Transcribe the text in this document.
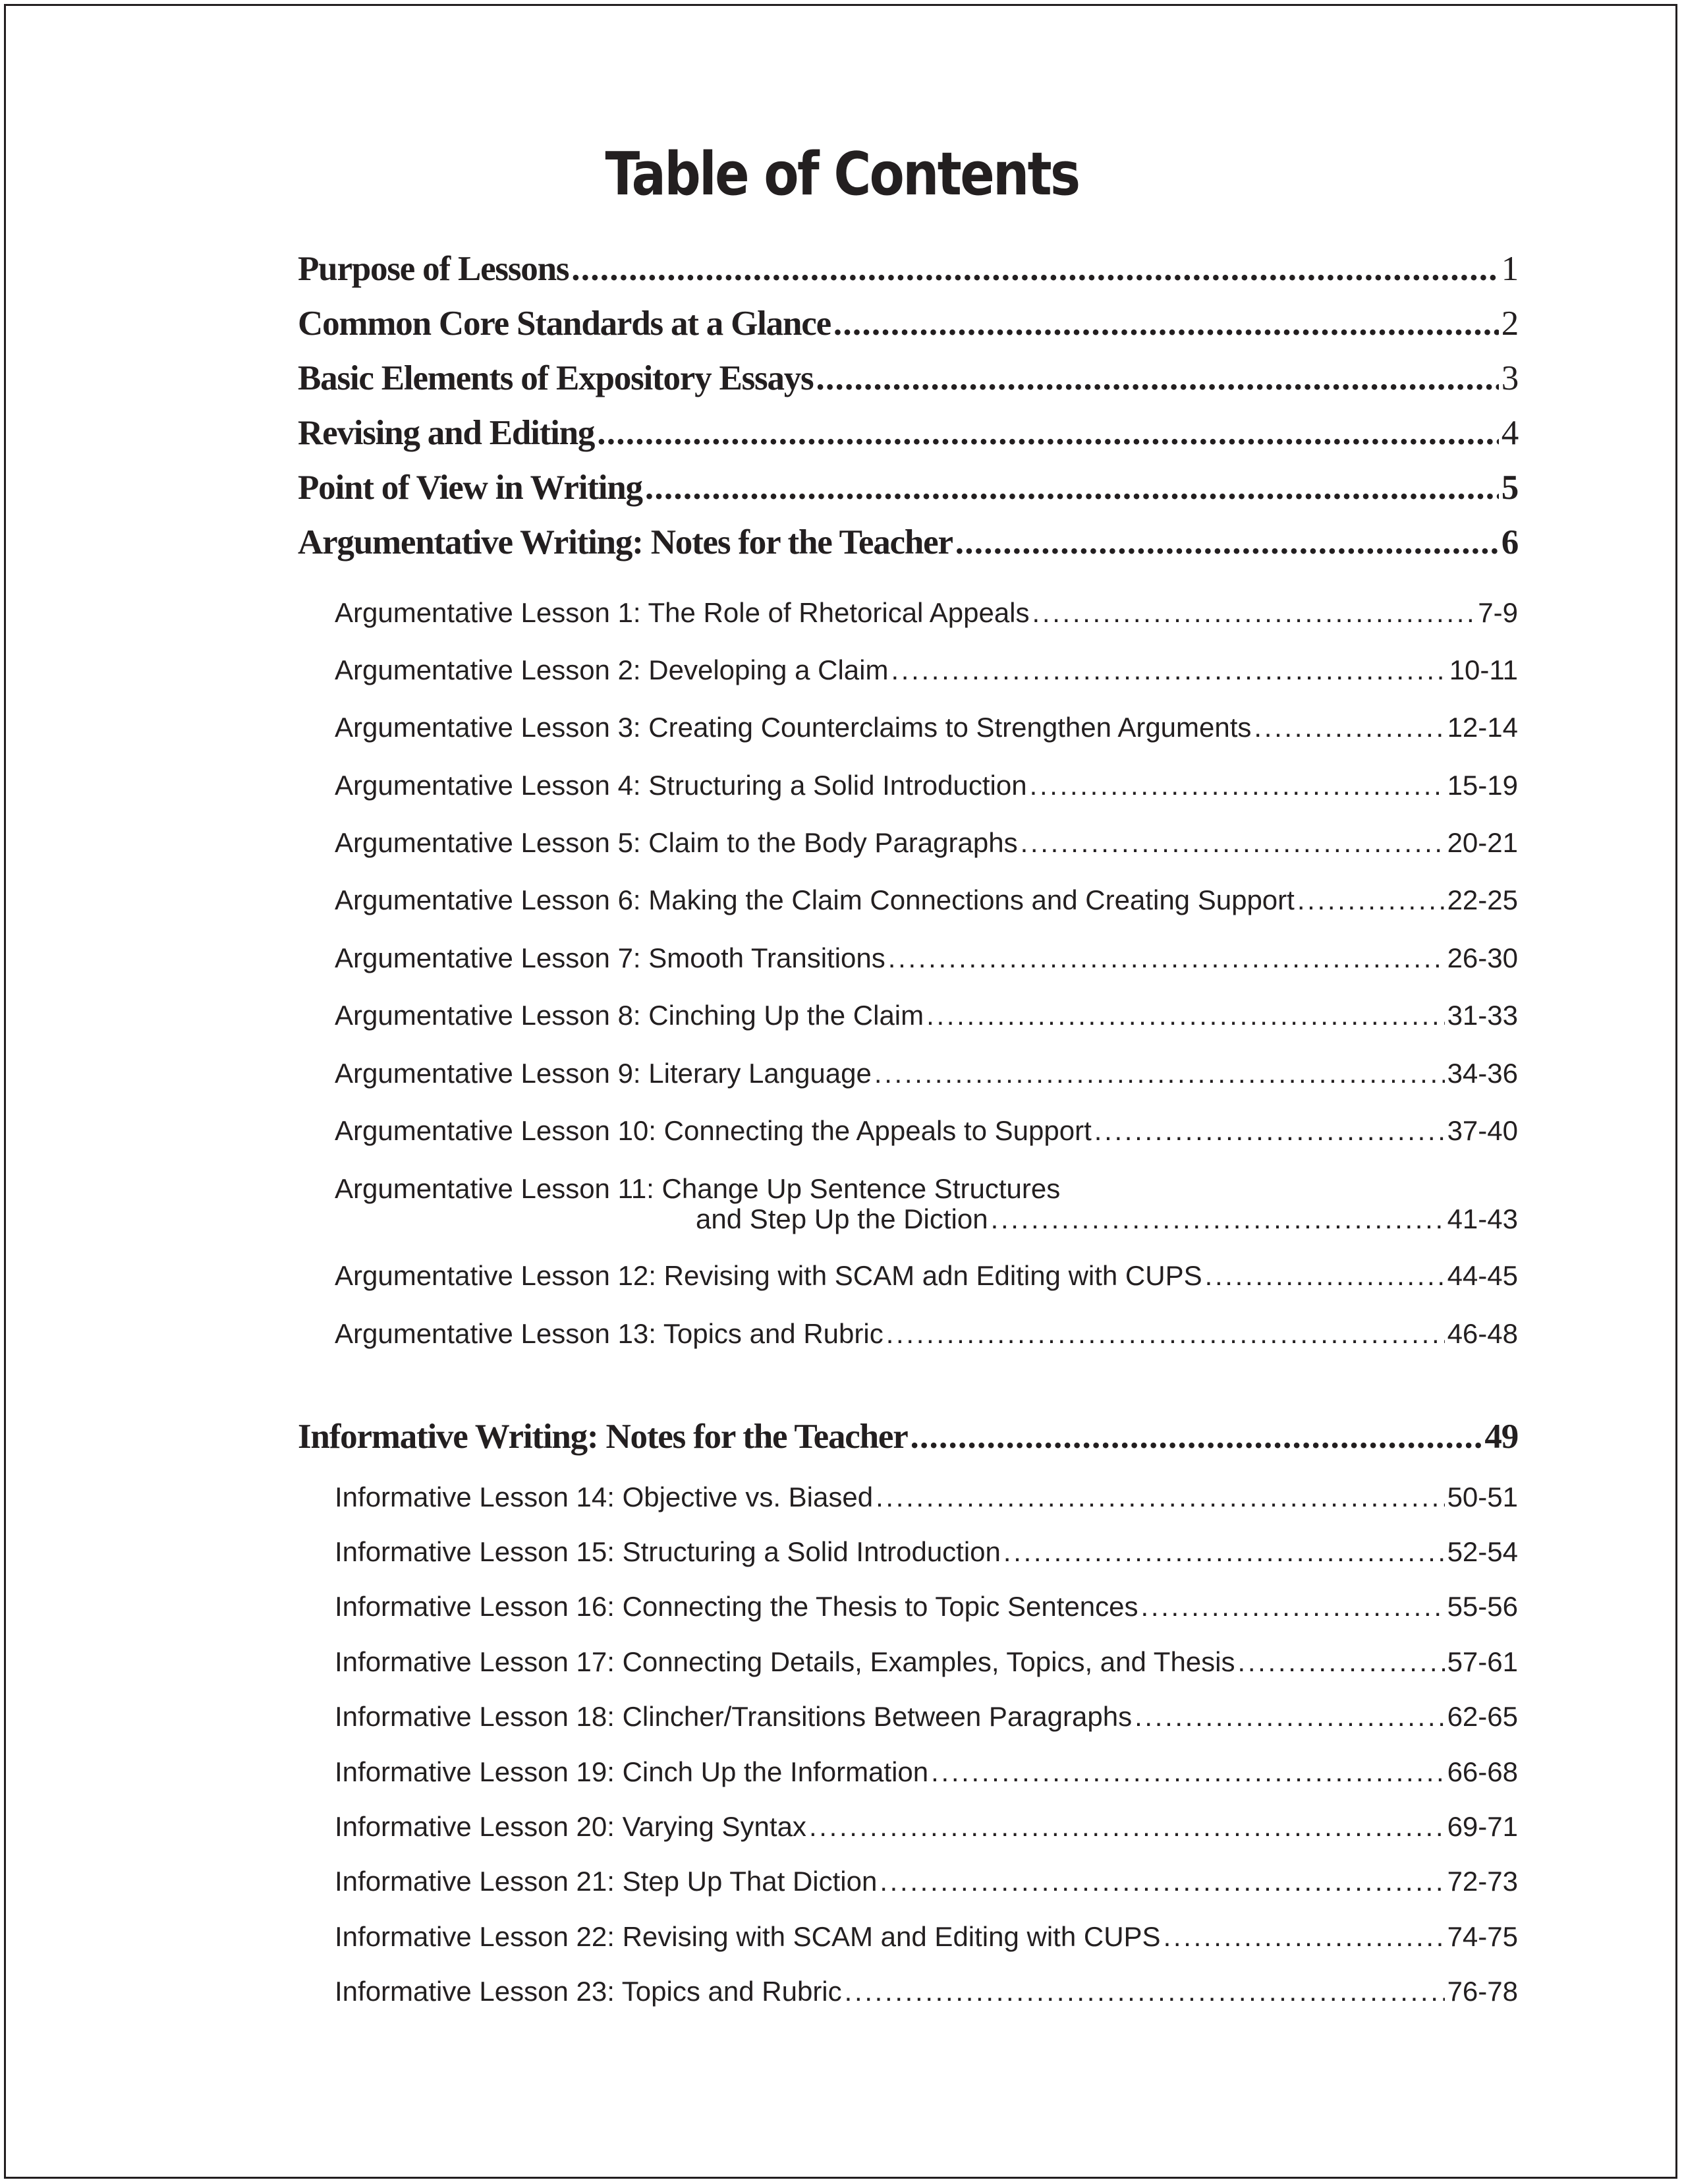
Table of Contents
Purpose of Lessons . . .	1
Common Core Standards at a Glance . . .	2
Basic Elements of Expository Essays . . .	3
Revising and Editing . . .	4
Point of View in Writing . . .	5
Argumentative Writing: Notes for the Teacher . . .	6
Argumentative Lesson 1: The Role of Rhetorical Appeals . . .	7-9
Argumentative Lesson 2: Developing a Claim . . .	10-11
Argumentative Lesson 3: Creating Counterclaims to Strengthen Arguments . . .	12-14
Argumentative Lesson 4: Structuring a Solid Introduction . . .	15-19
Argumentative Lesson 5: Claim to the Body Paragraphs . . .	20-21
Argumentative Lesson 6: Making the Claim Connections and Creating Support . . .	22-25
Argumentative Lesson 7: Smooth Transitions . . .	26-30
Argumentative Lesson 8: Cinching Up the Claim . . .	31-33
Argumentative Lesson 9: Literary Language . . .	34-36
Argumentative Lesson 10: Connecting the Appeals to Support . . .	37-40
Argumentative Lesson 11: Change Up Sentence Structures
and Step Up the Diction . . .	41-43
Argumentative Lesson 12: Revising with SCAM adn Editing with CUPS . . .	44-45
Argumentative Lesson 13: Topics and Rubric . . .	46-48
Informative Writing: Notes for the Teacher . . .	49
Informative Lesson 14: Objective vs. Biased . . .	50-51
Informative Lesson 15: Structuring a Solid Introduction . . .	52-54
Informative Lesson 16: Connecting the Thesis to Topic Sentences . . .	55-56
Informative Lesson 17: Connecting Details, Examples, Topics, and Thesis . . .	57-61
Informative Lesson 18: Clincher/Transitions Between Paragraphs . . .	62-65
Informative Lesson 19: Cinch Up the Information . . .	66-68
Informative Lesson 20: Varying Syntax . . .	69-71
Informative Lesson 21: Step Up That Diction . . .	72-73
Informative Lesson 22: Revising with SCAM and Editing with CUPS . . .	74-75
Informative Lesson 23: Topics and Rubric . . .	76-78
